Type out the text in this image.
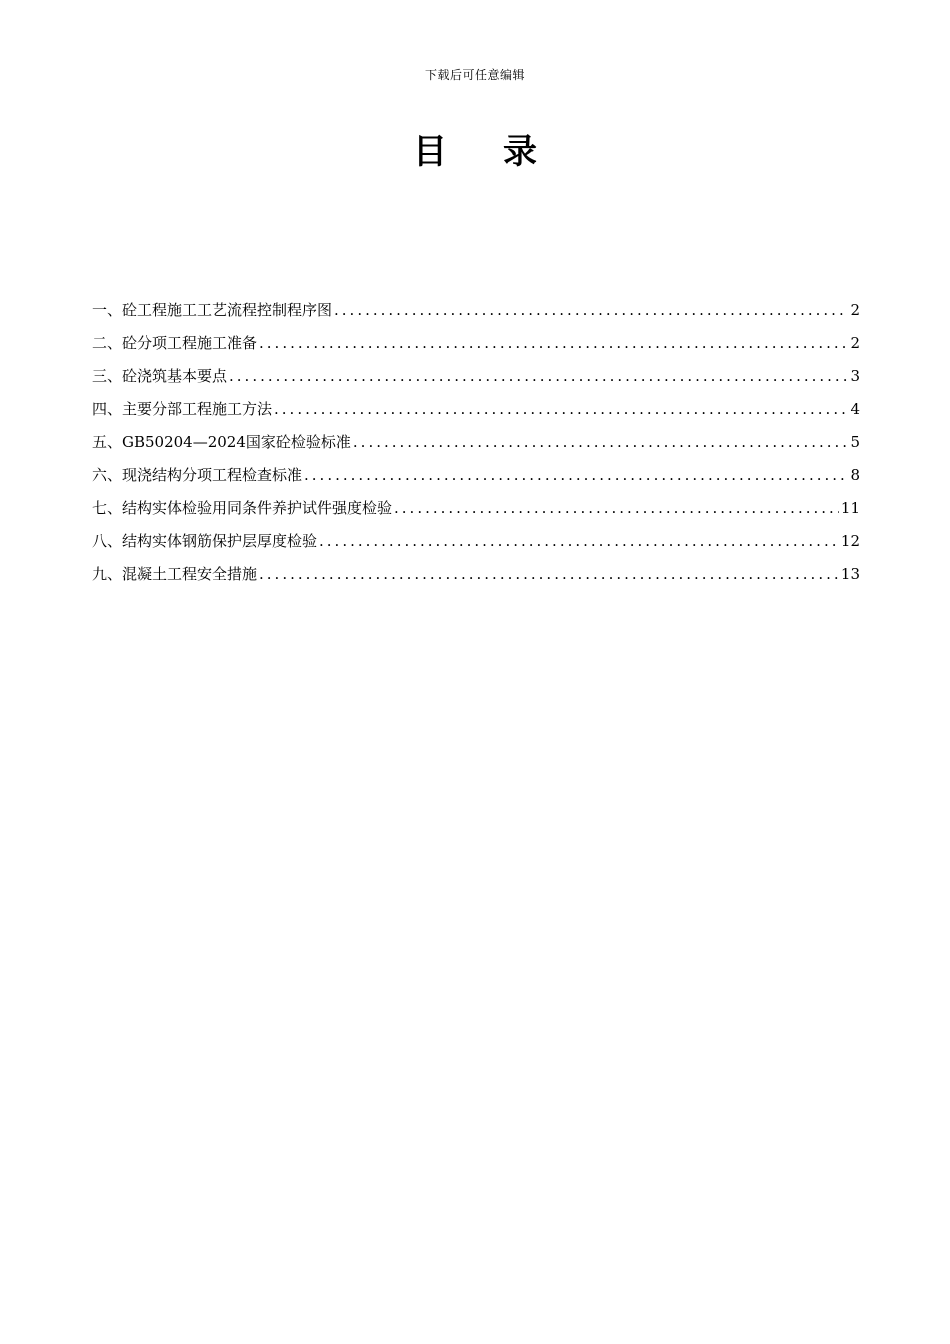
下载后可任意编辑
目 录
一、砼工程施工工艺流程控制程序图 .....	2
二、砼分项工程施工准备 .....	2
三、砼浇筑基本要点 .....	3
四、主要分部工程施工方法 .....	4
五、GB50204—2024国家砼检验标准 .....	5
六、现浇结构分项工程检查标准 .....	8
七、结构实体检验用同条件养护试件强度检验 .....	11
八、结构实体钢筋保护层厚度检验 .....	12
九、混凝土工程安全措施 .....	13
